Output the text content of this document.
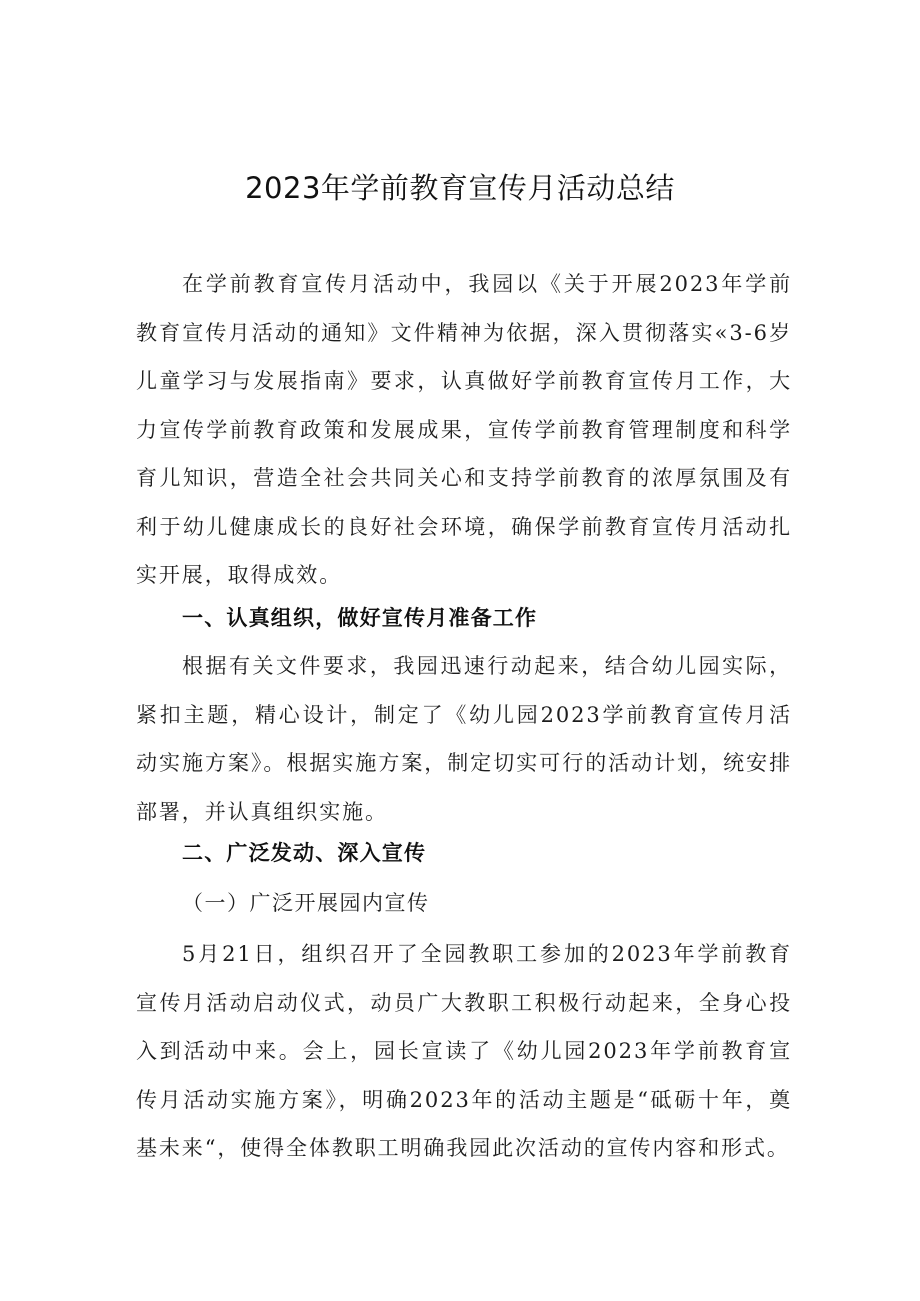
2023年学前教育宣传月活动总结

在学前教育宣传月活动中，我园以《关于开展2023年学前教育宣传月活动的通知》文件精神为依据，深入贯彻落实«3-6岁儿童学习与发展指南》要求，认真做好学前教育宣传月工作，大力宣传学前教育政策和发展成果，宣传学前教育管理制度和科学育儿知识，营造全社会共同关心和支持学前教育的浓厚氛围及有利于幼儿健康成长的良好社会环境，确保学前教育宣传月活动扎实开展，取得成效。

一、认真组织，做好宣传月准备工作

根据有关文件要求，我园迅速行动起来，结合幼儿园实际，紧扣主题，精心设计，制定了《幼儿园2023学前教育宣传月活动实施方案》。根据实施方案，制定切实可行的活动计划，统安排部署，并认真组织实施。

二、广泛发动、深入宣传
（一）广泛开展园内宣传

5月21日，组织召开了全园教职工参加的2023年学前教育宣传月活动启动仪式，动员广大教职工积极行动起来，全身心投入到活动中来。会上，园长宣读了《幼儿园2023年学前教育宣传月活动实施方案》，明确2023年的活动主题是“砥砺十年，奠基未来“，使得全体教职工明确我园此次活动的宣传内容和形式。
